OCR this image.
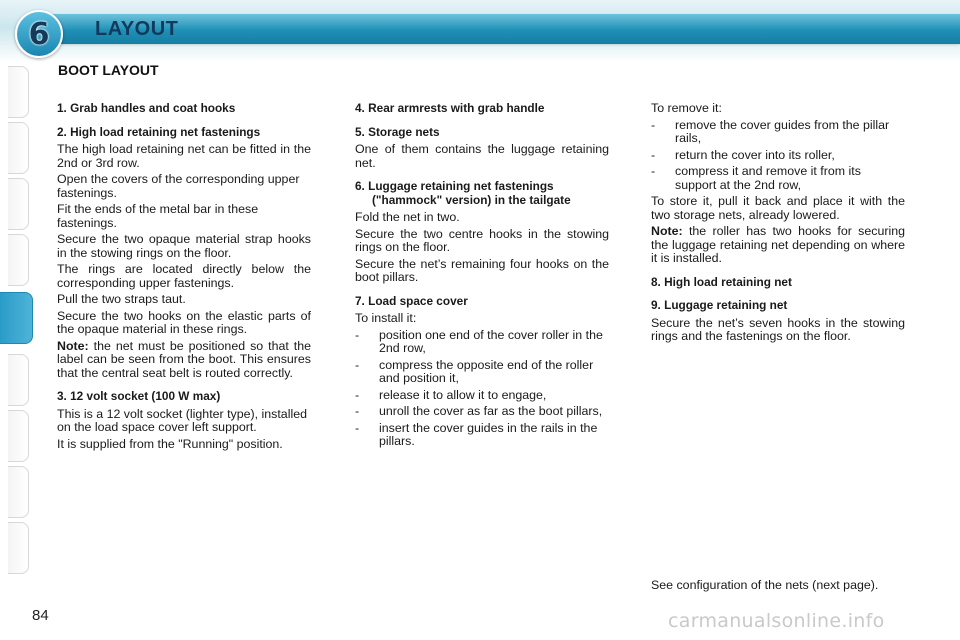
6 LAYOUT
BOOT LAYOUT
1. Grab handles and coat hooks
2. High load retaining net fastenings

The high load retaining net can be fitted in the 2nd or 3rd row.

Open the covers of the corresponding upper fastenings.

Fit the ends of the metal bar in these fastenings.

Secure the two opaque material strap hooks in the stowing rings on the floor.

The rings are located directly below the corresponding upper fastenings.

Pull the two straps taut.

Secure the two hooks on the elastic parts of the opaque material in these rings.

Note: the net must be positioned so that the label can be seen from the boot. This ensures that the central seat belt is routed correctly.

3. 12 volt socket (100 W max)

This is a 12 volt socket (lighter type), installed on the load space cover left support.

It is supplied from the "Running" position.

4. Rear armrests with grab handle
5. Storage nets

One of them contains the luggage retaining net.

6. Luggage retaining net fastenings ("hammock" version) in the tailgate

Fold the net in two.

Secure the two centre hooks in the stowing rings on the floor.

Secure the net’s remaining four hooks on the boot pillars.

7. Load space cover

To install it:

- position one end of the cover roller in the 2nd row,
- compress the opposite end of the roller and position it,
- release it to allow it to engage,
- unroll the cover as far as the boot pillars,
- insert the cover guides in the rails in the pillars.

To remove it:

- remove the cover guides from the pillar rails,
- return the cover into its roller,
- compress it and remove it from its support at the 2nd row,

To store it, pull it back and place it with the two storage nets, already lowered.

Note: the roller has two hooks for securing the luggage retaining net depending on where it is installed.

8. High load retaining net
9. Luggage retaining net

Secure the net’s seven hooks in the stowing rings and the fastenings on the floor.

See configuration of the nets (next page).
84	carmanualsonline.info
